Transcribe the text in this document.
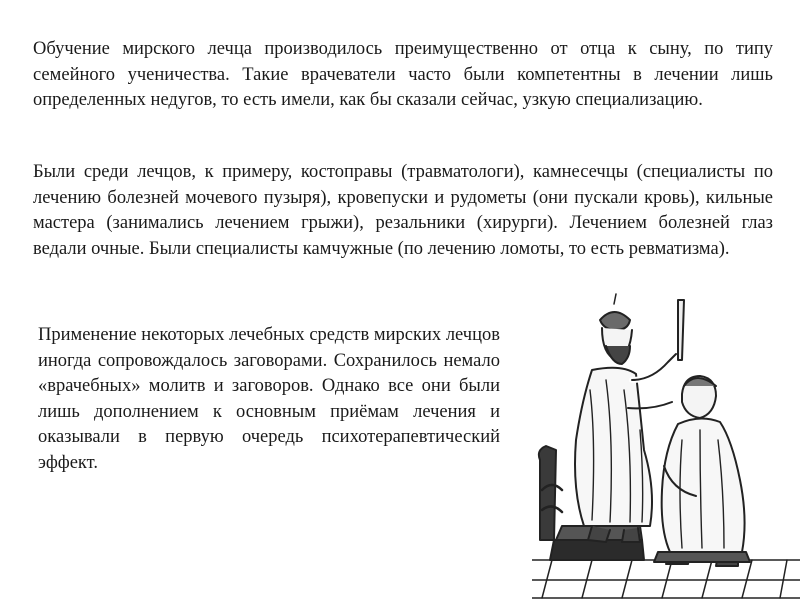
Обучение мирского лечца производилось преимущественно от отца к сыну, по типу семейного ученичества. Такие врачеватели часто были компетентны в лечении лишь определенных недугов, то есть имели, как бы сказали сейчас, узкую специализацию.

Были среди лечцов, к примеру, костоправы (травматологи), камнесечцы (специалисты по лечению болезней мочевого пузыря), кровепуски и рудометы (они пускали кровь), кильные мастера (занимались лечением грыжи), резальники (хирурги). Лечением болезней глаз ведали очные. Были специалисты камчужные (по лечению ломоты, то есть ревматизма).

Применение некоторых лечебных средств мирских лечцов иногда сопровождалось заговорами. Сохранилось немало «врачебных» молитв и заговоров. Однако все они были лишь дополнением к основным приёмам лечения и оказывали в первую очередь психотерапевтический эффект.
